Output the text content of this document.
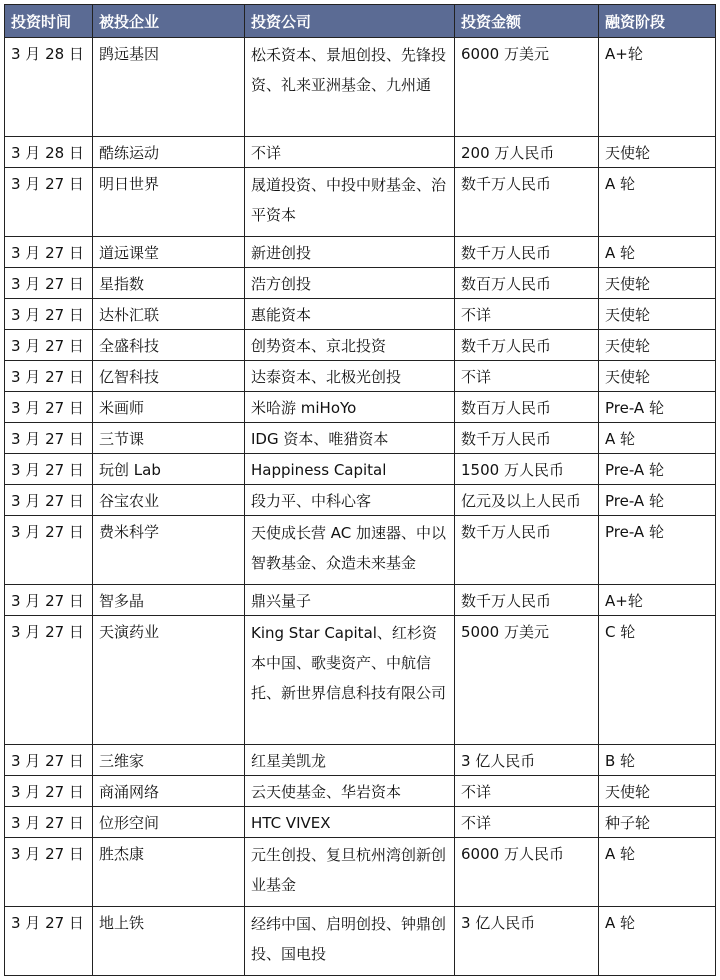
投资时间	被投企业	投资公司	投资金额	融资阶段
3 月 28 日	鹍远基因	松禾资本、景旭创投、先锋投资、礼来亚洲基金、九州通	6000 万美元	A+轮
3 月 28 日	酷练运动	不详	200 万人民币	天使轮
3 月 27 日	明日世界	晟道投资、中投中财基金、治平资本	数千万人民币	A 轮
3 月 27 日	道远课堂	新进创投	数千万人民币	A 轮
3 月 27 日	星指数	浩方创投	数百万人民币	天使轮
3 月 27 日	达朴汇联	惠能资本	不详	天使轮
3 月 27 日	全盛科技	创势资本、京北投资	数千万人民币	天使轮
3 月 27 日	亿智科技	达泰资本、北极光创投	不详	天使轮
3 月 27 日	米画师	米哈游 miHoYo	数百万人民币	Pre-A 轮
3 月 27 日	三节课	IDG 资本、唯猎资本	数千万人民币	A 轮
3 月 27 日	玩创 Lab	Happiness Capital	1500 万人民币	Pre-A 轮
3 月 27 日	谷宝农业	段力平、中科心客	亿元及以上人民币	Pre-A 轮
3 月 27 日	费米科学	天使成长营 AC 加速器、中以智教基金、众造未来基金	数千万人民币	Pre-A 轮
3 月 27 日	智多晶	鼎兴量子	数千万人民币	A+轮
3 月 27 日	天演药业	King Star Capital、红杉资本中国、歌斐资产、中航信托、新世界信息科技有限公司	5000 万美元	C 轮
3 月 27 日	三维家	红星美凯龙	3 亿人民币	B 轮
3 月 27 日	商涌网络	云天使基金、华岩资本	不详	天使轮
3 月 27 日	位形空间	HTC VIVEX	不详	种子轮
3 月 27 日	胜杰康	元生创投、复旦杭州湾创新创业基金	6000 万人民币	A 轮
3 月 27 日	地上铁	经纬中国、启明创投、钟鼎创投、国电投	3 亿人民币	A 轮
